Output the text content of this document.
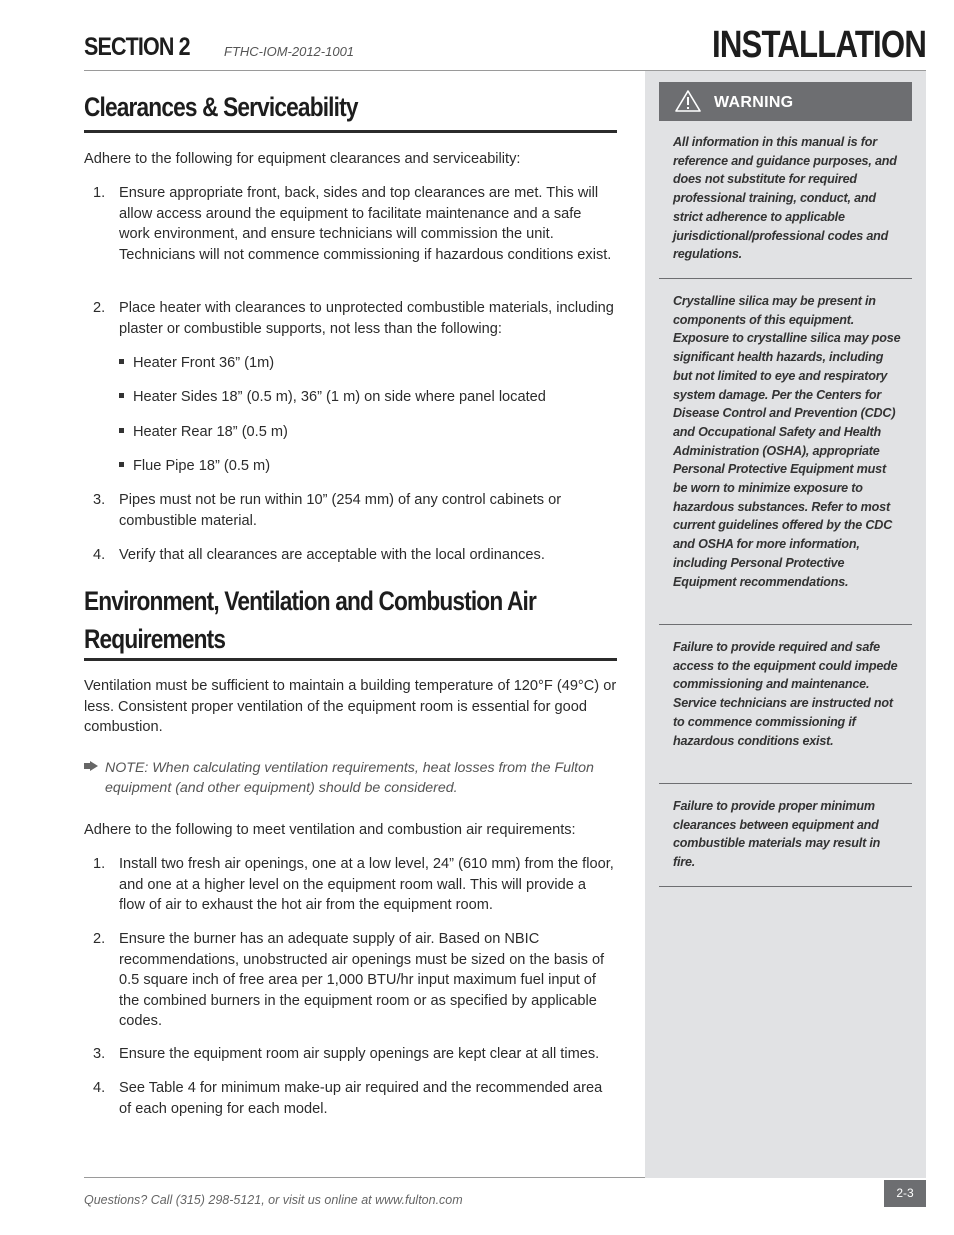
SECTION 2	FTHC-IOM-2012-1001	INSTALLATION
Clearances & Serviceability
Adhere to the following for equipment clearances and serviceability:
1. Ensure appropriate front, back, sides and top clearances are met. This will allow access around the equipment to facilitate maintenance and a safe work environment, and ensure technicians will commission the unit. Technicians will not commence commissioning if hazardous conditions exist.
2. Place heater with clearances to unprotected combustible materials, including plaster or combustible supports, not less than the following:
Heater Front 36” (1m)
Heater Sides 18” (0.5 m), 36” (1 m) on side where panel located
Heater Rear 18” (0.5 m)
Flue Pipe 18” (0.5 m)
3. Pipes must not be run within 10” (254 mm) of any control cabinets or combustible material.
4. Verify that all clearances are acceptable with the local ordinances.
Environment, Ventilation and Combustion Air
Requirements
Ventilation must be sufficient to maintain a building temperature of 120°F (49°C) or less. Consistent proper ventilation of the equipment room is essential for good combustion.
NOTE: When calculating ventilation requirements, heat losses from the Fulton equipment (and other equipment) should be considered.
Adhere to the following to meet ventilation and combustion air requirements:
1. Install two fresh air openings, one at a low level, 24” (610 mm) from the floor, and one at a higher level on the equipment room wall. This will provide a flow of air to exhaust the hot air from the equipment room.
2. Ensure the burner has an adequate supply of air. Based on NBIC recommendations, unobstructed air openings must be sized on the basis of 0.5 square inch of free area per 1,000 BTU/hr input maximum fuel input of the combined burners in the equipment room or as specified by applicable codes.
3. Ensure the equipment room air supply openings are kept clear at all times.
4. See Table 4 for minimum make-up air required and the recommended area of each opening for each model.
WARNING
All information in this manual is for reference and guidance purposes, and does not substitute for required professional training, conduct, and strict adherence to applicable jurisdictional/professional codes and regulations.
Crystalline silica may be present in components of this equipment. Exposure to crystalline silica may pose significant health hazards, including but not limited to eye and respiratory system damage. Per the Centers for Disease Control and Prevention (CDC) and Occupational Safety and Health Administration (OSHA), appropriate Personal Protective Equipment must be worn to minimize exposure to hazardous substances. Refer to most current guidelines offered by the CDC and OSHA for more information, including Personal Protective Equipment recommendations.
Failure to provide required and safe access to the equipment could impede commissioning and maintenance. Service technicians are instructed not to commence commissioning if hazardous conditions exist.
Failure to provide proper minimum clearances between equipment and combustible materials may result in fire.
Questions? Call (315) 298-5121, or visit us online at www.fulton.com	2-3
